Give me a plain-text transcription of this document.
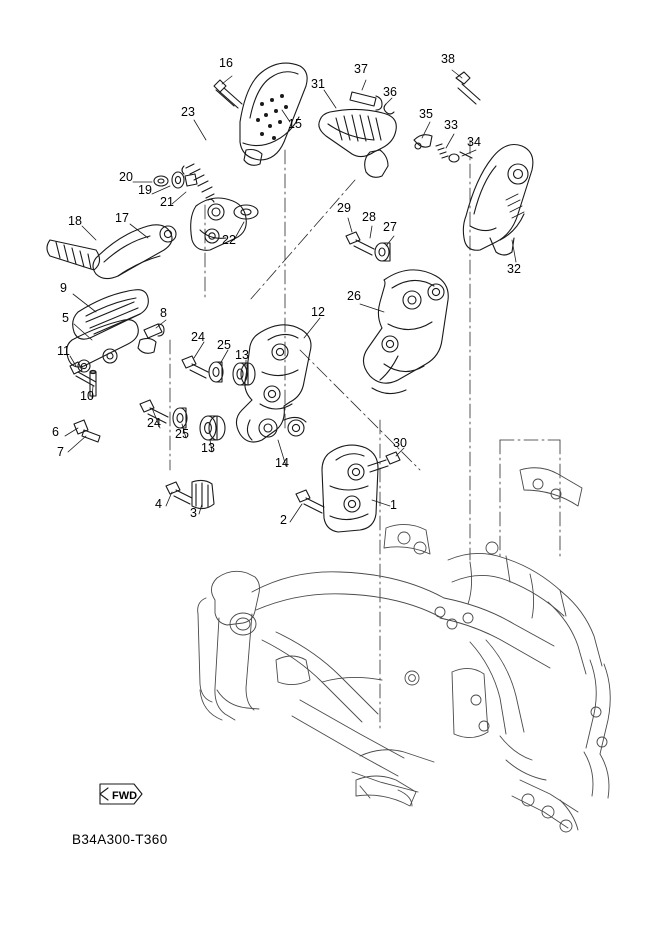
16	37
38
31
36
23
15
35
33
34
20
19
21
18	17
22
29
28
27
32
9
8
5	12
26
24
25
13
11
10
24
25
13
6
7
30
14
4
3	2
1
FWD
B34A300-T360
